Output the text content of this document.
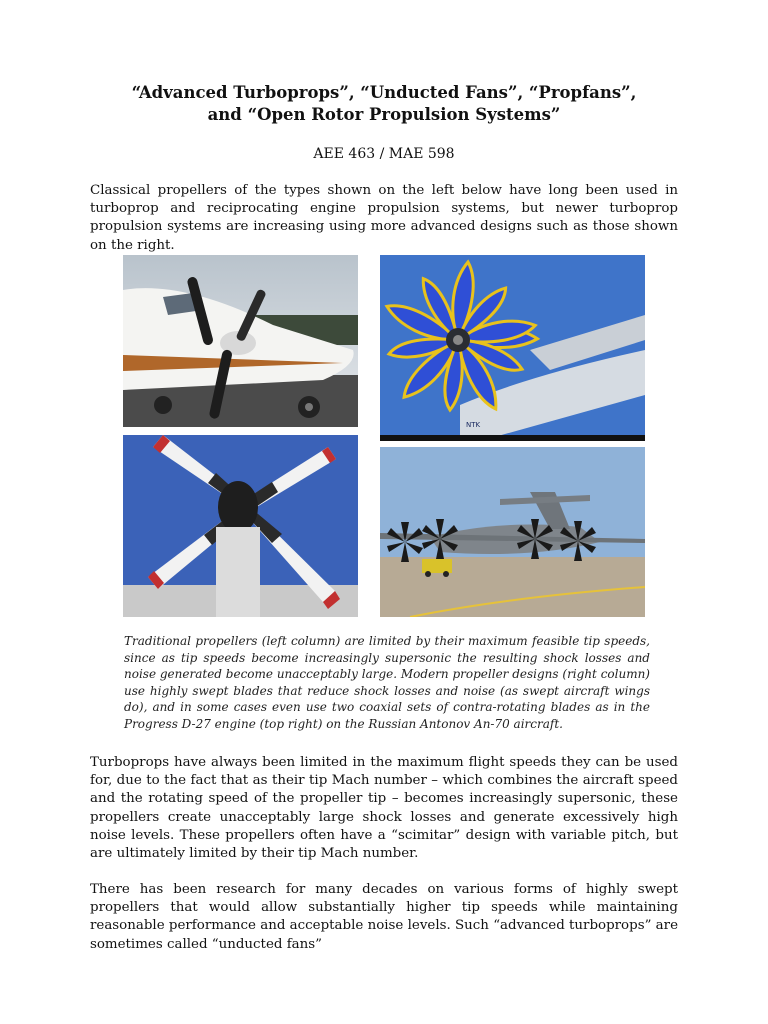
“Advanced Turboprops”, “Unducted Fans”, “Propfans”,
and “Open Rotor Propulsion Systems”
AEE 463 / MAE 598
Classical propellers of the types shown on the left below have long been used in turboprop and reciprocating engine propulsion systems, but newer turboprop propulsion systems are increasing using more advanced designs such as those shown on the right.
NTK
Traditional propellers (left column) are limited by their maximum feasible tip speeds, since as tip speeds become increasingly supersonic the resulting shock losses and noise generated become unacceptably large. Modern propeller designs (right column) use highly swept blades that reduce shock losses and noise (as swept aircraft wings do), and in some cases even use two coaxial sets of contra-rotating blades as in the Progress D-27 engine (top right) on the Russian Antonov An-70 aircraft.
Turboprops have always been limited in the maximum flight speeds they can be used for, due to the fact that as their tip Mach number – which combines the aircraft speed and the rotating speed of the propeller tip – becomes increasingly supersonic, these propellers create unacceptably large shock losses and generate excessively high noise levels. These propellers often have a “scimitar” design with variable pitch, but are ultimately limited by their tip Mach number.
There has been research for many decades on various forms of highly swept propellers that would allow substantially higher tip speeds while maintaining reasonable performance and acceptable noise levels. Such “advanced turboprops” are sometimes called “unducted fans”
